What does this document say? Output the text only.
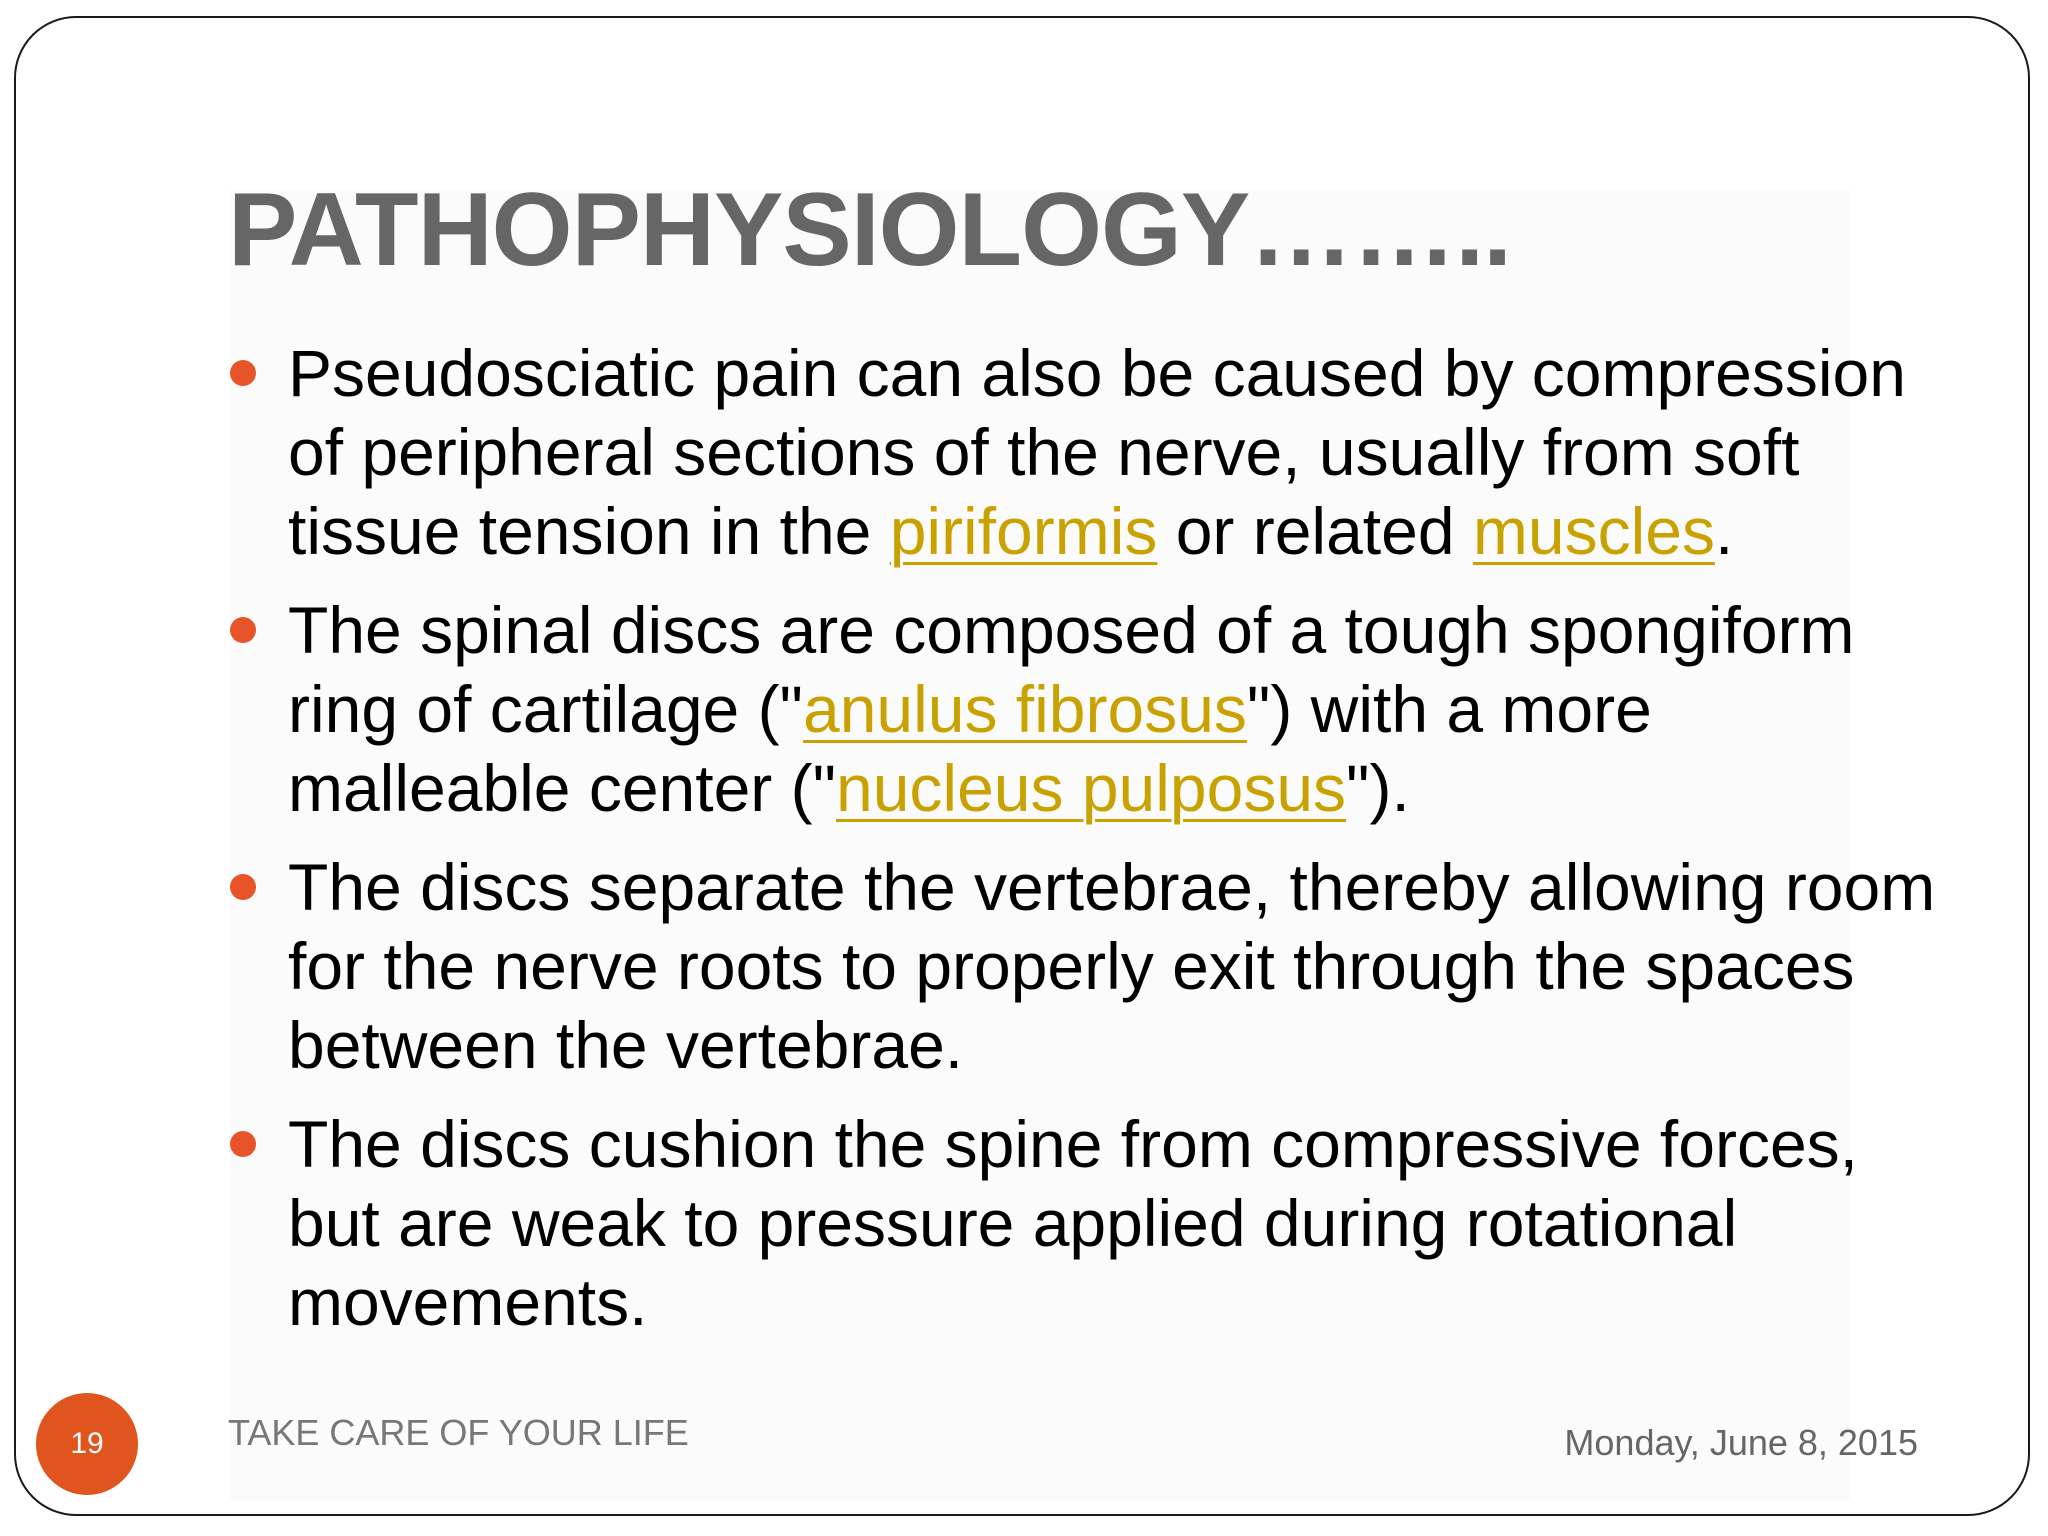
PATHOPHYSIOLOGY……..
Pseudosciatic pain can also be caused by compression of peripheral sections of the nerve, usually from soft tissue tension in the piriformis or related muscles.
The spinal discs are composed of a tough spongiform ring of cartilage ("anulus fibrosus") with a more malleable center ("nucleus pulposus").
The discs separate the vertebrae, thereby allowing room for the nerve roots to properly exit through the spaces between the vertebrae.
The discs cushion the spine from compressive forces, but are weak to pressure applied during rotational movements.
19	TAKE CARE OF YOUR LIFE	Monday, June 8, 2015
